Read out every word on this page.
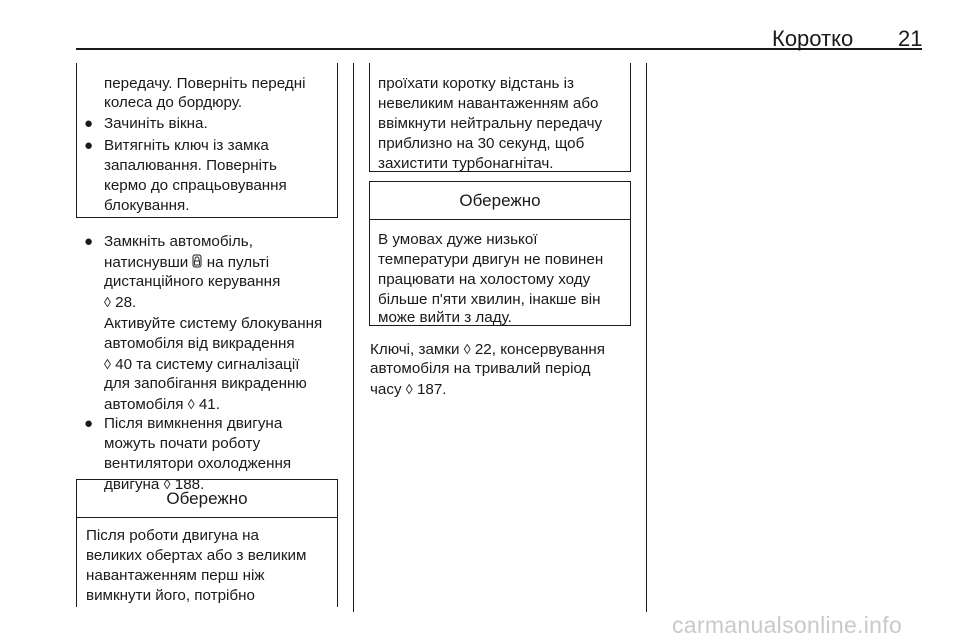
Коротко 21
передачу. Поверніть передні
колеса до бордюру.
● Зачиніть вікна.
● Витягніть ключ із замка
запалювання. Поверніть
кермо до спрацьовування
блокування.
● Замкніть автомобіль,
натиснувши  на пульті
дистанційного керування
◊ 28.
Активуйте систему блокування
автомобіля від викрадення
◊ 40 та систему сигналізації
для запобігання викраденню
автомобіля ◊ 41.
● Після вимкнення двигуна
можуть почати роботу
вентилятори охолодження
двигуна ◊ 188.
Обережно
Після роботи двигуна на
великих обертах або з великим
навантаженням перш ніж
вимкнути його, потрібно
проїхати коротку відстань із
невеликим навантаженням або
ввімкнути нейтральну передачу
приблизно на 30 секунд, щоб
захистити турбонагнітач.
Обережно
В умовах дуже низької
температури двигун не повинен
працювати на холостому ходу
більше п'яти хвилин, інакше він
може вийти з ладу.
Ключі, замки ◊ 22, консервування
автомобіля на тривалий період
часу ◊ 187.
carmanualsonline.info
